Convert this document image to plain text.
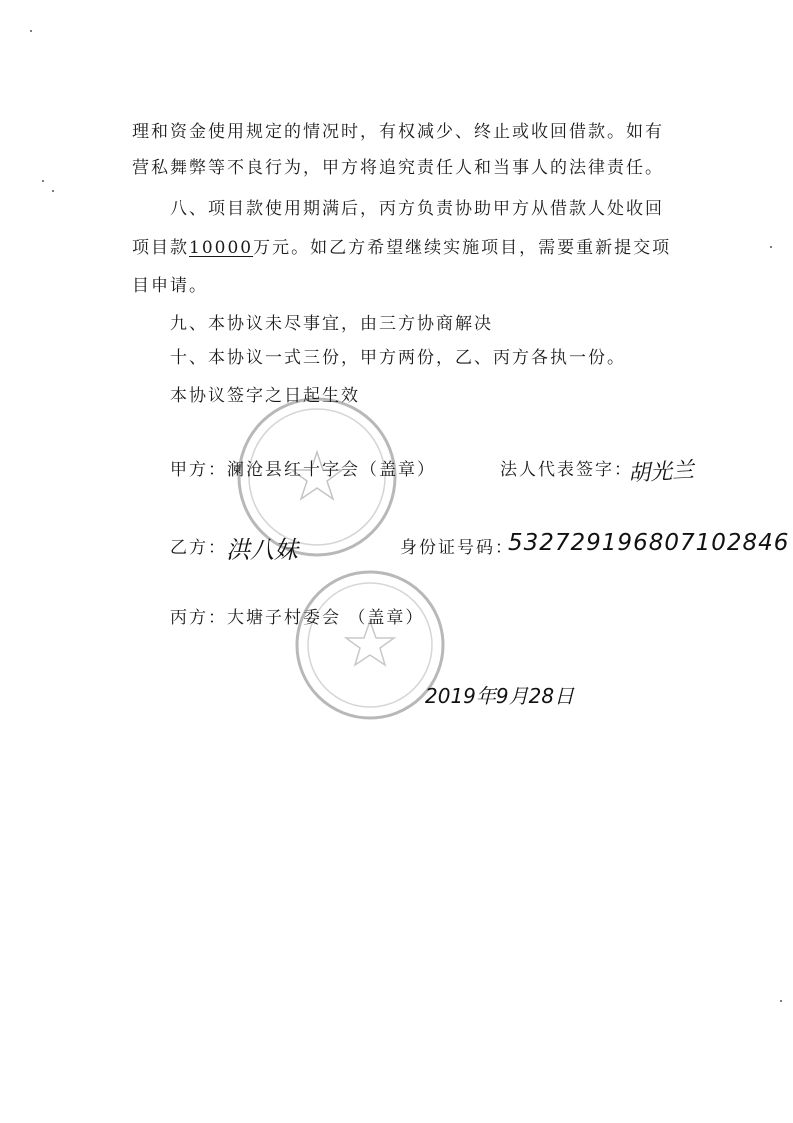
理和资金使用规定的情况时，有权减少、终止或收回借款。如有
营私舞弊等不良行为，甲方将追究责任人和当事人的法律责任。
八、项目款使用期满后，丙方负责协助甲方从借款人处收回
项目款10000万元。如乙方希望继续实施项目，需要重新提交项
目申请。
九、本协议未尽事宜，由三方协商解决
十、本协议一式三份，甲方两份，乙、丙方各执一份。
本协议签字之日起生效
甲方：澜沧县红十字会（盖章）	法人代表签字：
胡光兰
乙方： 洪八妹	身份证号码：
532729196807102846
丙方：大塘子村委会 （盖章）
2019年9月28日
